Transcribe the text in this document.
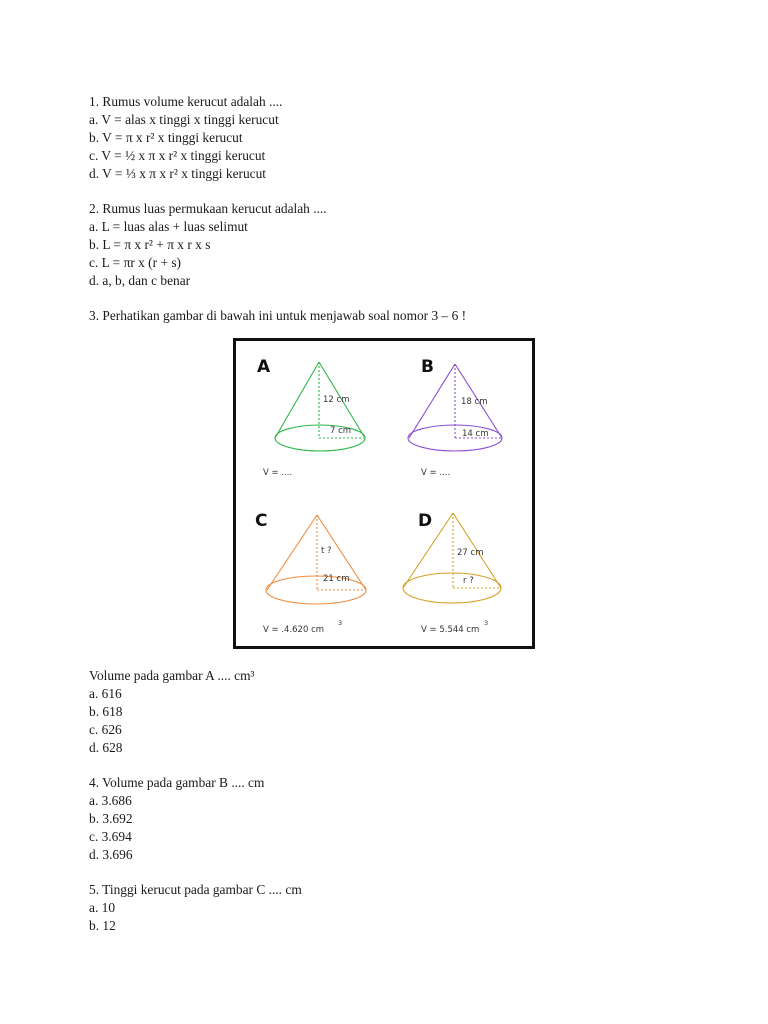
1. Rumus volume kerucut adalah ....
a. V = alas x tinggi x tinggi kerucut
b. V = π x r² x tinggi kerucut
c. V = ½ x π x r² x tinggi kerucut
d. V = ⅓ x π x r² x tinggi kerucut
2. Rumus luas permukaan kerucut adalah ....
a. L = luas alas + luas selimut
b. L = π x r² + π x r x s
c. L = πr x (r + s)
d. a, b, dan c benar
3. Perhatikan gambar di bawah ini untuk menjawab soal nomor 3 – 6 !
A
12 cm
7 cm
V = ....
B
18 cm
14 cm
V = ....
C
t ?
21 cm
V = .4.620 cm
3
D
27 cm
r ?
V = 5.544 cm
3
Volume pada gambar A .... cm³
a. 616
b. 618
c. 626
d. 628
4. Volume pada gambar B .... cm
a. 3.686
b. 3.692
c. 3.694
d. 3.696
5. Tinggi kerucut pada gambar C .... cm
a. 10
b. 12
